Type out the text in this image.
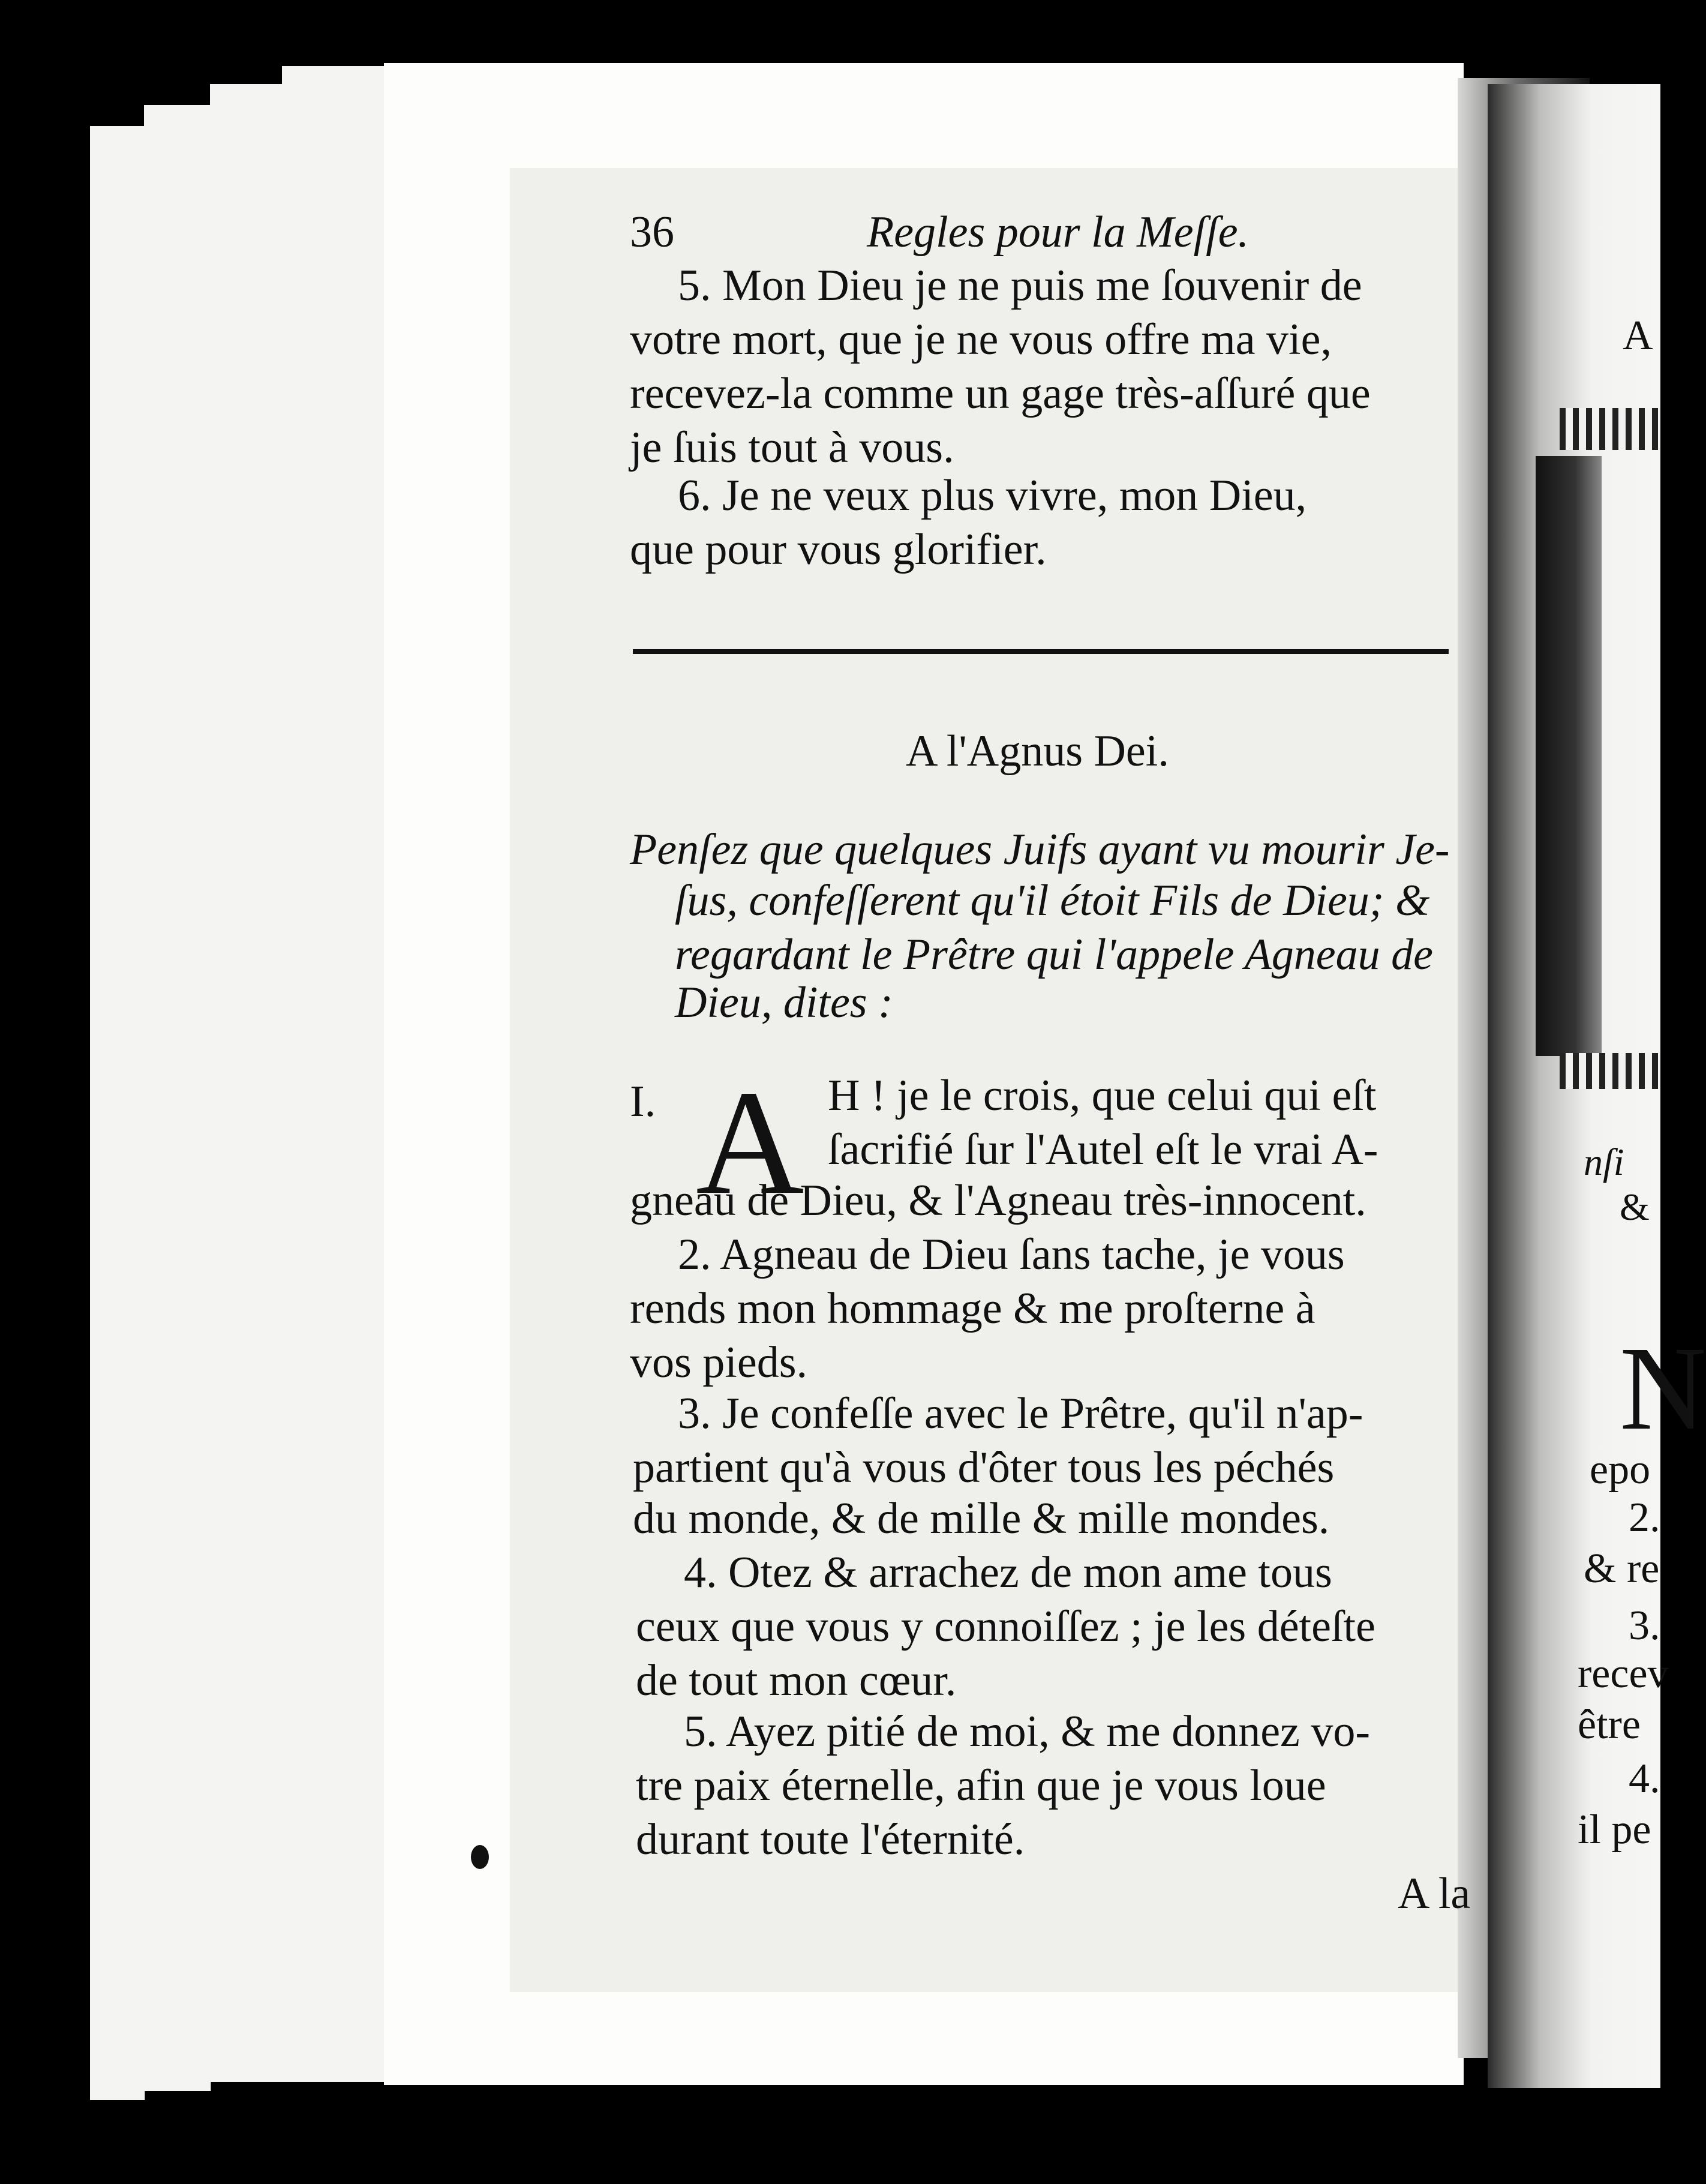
A
nſi
&
N
epo
2.
& re
3.
recev
être
4.
il pe
36	Regles pour la Meſſe.
5. Mon Dieu je ne puis me ſouvenir de
votre mort, que je ne vous offre ma vie,
recevez-la comme un gage très-aſſuré que
je ſuis tout à vous.
6. Je ne veux plus vivre, mon Dieu,
que pour vous glorifier.
A l'Agnus Dei.
Penſez que quelques Juifs ayant vu mourir Je-
ſus, confeſſerent qu'il étoit Fils de Dieu; &
regardant le Prêtre qui l'appele Agneau de
Dieu, dites :
I. A H ! je le crois, que celui qui eſt
ſacrifié ſur l'Autel eſt le vrai A-
gneau de Dieu, & l'Agneau très-innocent.
2. Agneau de Dieu ſans tache, je vous
rends mon hommage & me proſterne à
vos pieds.
3. Je confeſſe avec le Prêtre, qu'il n'ap-
partient qu'à vous d'ôter tous les péchés
du monde, & de mille & mille mondes.
4. Otez & arrachez de mon ame tous
ceux que vous y connoiſſez ; je les déteſte
de tout mon cœur.
5. Ayez pitié de moi, & me donnez vo-
tre paix éternelle, afin que je vous loue
durant toute l'éternité.
A la
